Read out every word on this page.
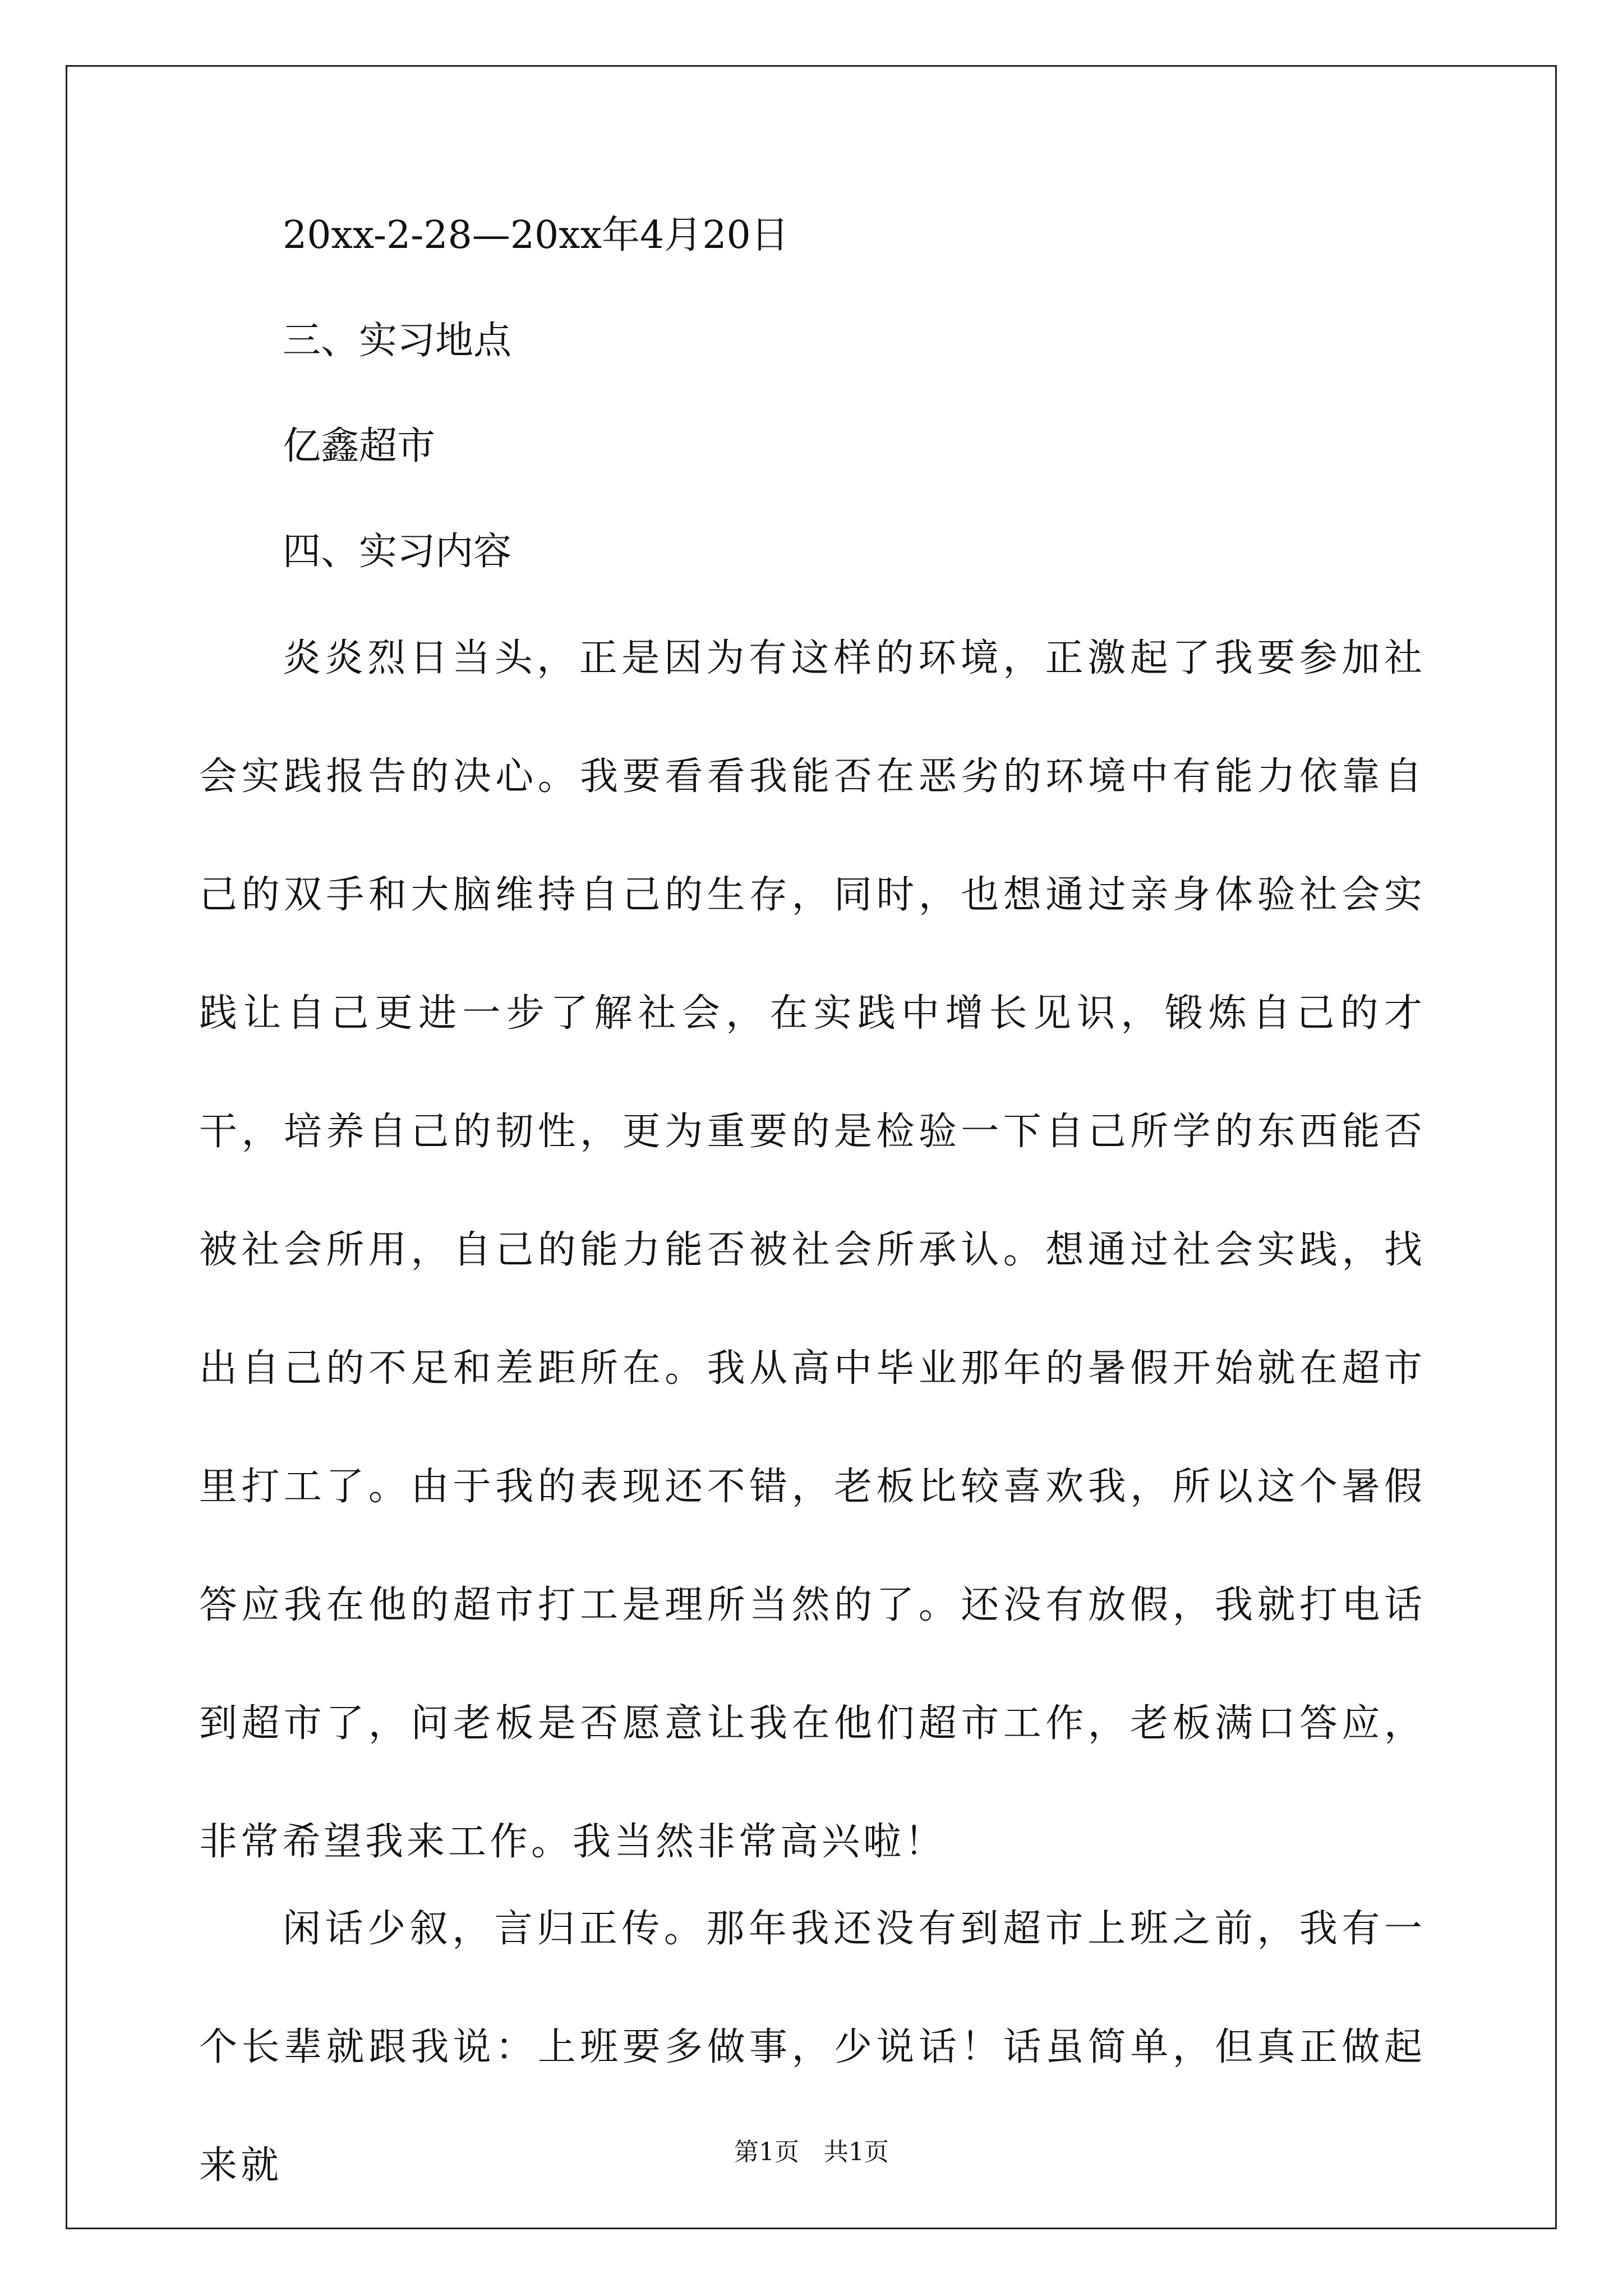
20xx-2-28—20xx年4月20日
三、实习地点
亿鑫超市
四、实习内容

炎炎烈日当头，正是因为有这样的环境，正激起了我要参加社会实践报告的决心。我要看看我能否在恶劣的环境中有能力依靠自己的双手和大脑维持自己的生存，同时，也想通过亲身体验社会实践让自己更进一步了解社会，在实践中增长见识，锻炼自己的才干，培养自己的韧性，更为重要的是检验一下自己所学的东西能否被社会所用，自己的能力能否被社会所承认。想通过社会实践，找出自己的不足和差距所在。我从高中毕业那年的暑假开始就在超市里打工了。由于我的表现还不错，老板比较喜欢我，所以这个暑假答应我在他的超市打工是理所当然的了。还没有放假，我就打电话到超市了，问老板是否愿意让我在他们超市工作，老板满口答应，非常希望我来工作。我当然非常高兴啦！

闲话少叙，言归正传。那年我还没有到超市上班之前，我有一个长辈就跟我说：上班要多做事，少说话！话虽简单，但真正做起来就	第1页　共1页
